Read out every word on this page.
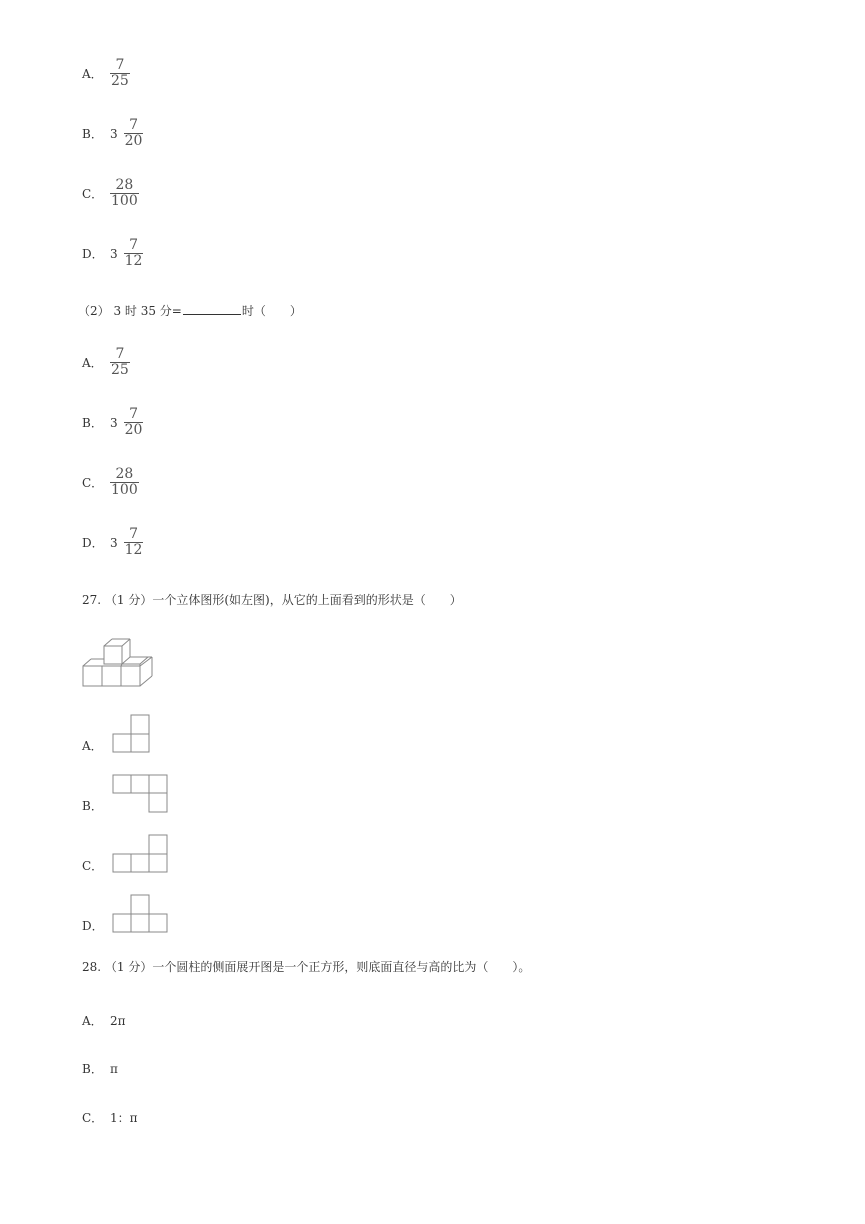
A． $\frac{7}{25}$
B． $3 \frac{7}{20}$
C． $\frac{28}{100}$
D． $3 \frac{7}{12}$
（2） 3 时 35 分=	时（　　）
A． $\frac{7}{25}$
B． $3 \frac{7}{20}$
C． $\frac{28}{100}$
D． $3 \frac{7}{12}$
27. （1 分）一个立体图形(如左图)，从它的上面看到的形状是（　　）
A．
B．
C．
D．
28. （1 分）一个圆柱的侧面展开图是一个正方形，则底面直径与高的比为（　　）。
A． 2π
B． π
C． 1：π
